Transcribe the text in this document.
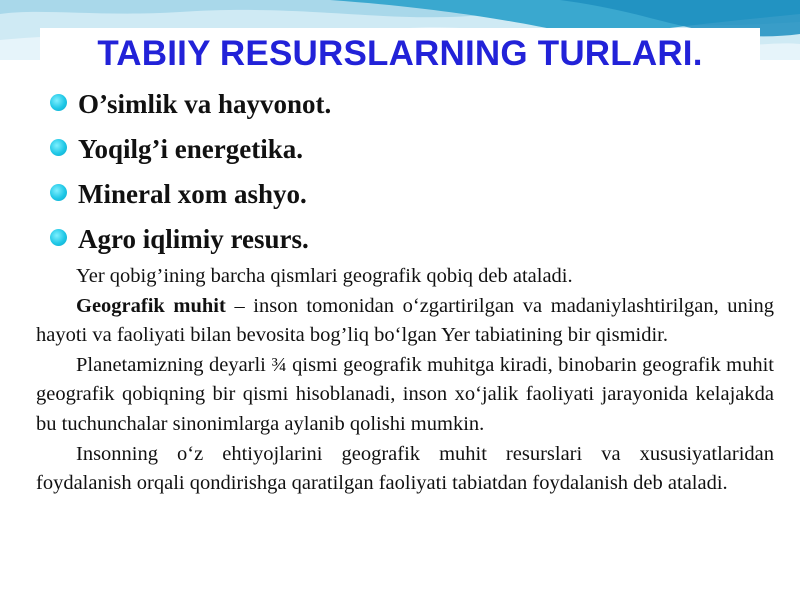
TABIIY RESURSLARNING TURLARI.
O’simlik va hayvonot.
Yoqilg’i energetika.
Mineral xom ashyo.
Agro iqlimiy resurs.

Yer qobig’ining barcha qismlari geografik qobiq deb ataladi.

Geografik muhit – inson tomonidan o‘zgartirilgan va madaniylashtirilgan, uning hayoti va faoliyati bilan bevosita bog’liq bo‘lgan Yer tabiatining bir qismidir.

Planetamizning deyarli ¾ qismi geografik muhitga kiradi, binobarin geografik muhit geografik qobiqning bir qismi hisoblanadi, inson xo‘jalik faoliyati jarayonida kelajakda bu tuchunchalar sinonimlarga aylanib qolishi mumkin.

Insonning o‘z ehtiyojlarini geografik muhit resurslari va xususiyatlaridan foydalanish orqali qondirishga qaratilgan faoliyati tabiatdan foydalanish deb ataladi.
